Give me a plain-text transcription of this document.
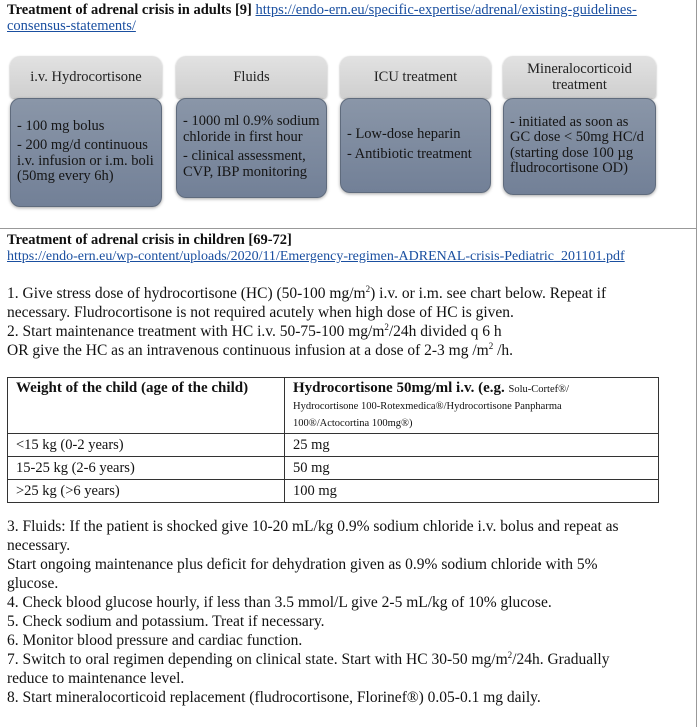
Treatment of adrenal crisis in adults [9] https://endo-ern.eu/specific-expertise/adrenal/existing-guidelines-
consensus-statements/
i.v. Hydrocortisone
- 100 mg bolus
- 200 mg/d continuous i.v. infusion or i.m. boli (50mg every 6h)
Fluids
- 1000 ml 0.9% sodium chloride in first hour
- clinical assessment, CVP, IBP monitoring
ICU treatment
- Low-dose heparin
- Antibiotic treatment
Mineralocorticoid treatment
- initiated as soon as GC dose < 50mg HC/d (starting dose 100 µg fludrocortisone OD)
Treatment of adrenal crisis in children [69-72]
https://endo-ern.eu/wp-content/uploads/2020/11/Emergency-regimen-ADRENAL-crisis-Pediatric_201101.pdf
1. Give stress dose of hydrocortisone (HC) (50-100 $mg/m^2$) i.v. or i.m. see chart below. Repeat if
necessary. Fludrocortisone is not required acutely when high dose of HC is given.
2. Start maintenance treatment with HC i.v. 50-75-100 $mg/m^2/24h$ divided q 6 h
OR give the HC as an intravenous continuous infusion at a dose of 2-3 mg $/m^2$ /h.
Weight of the child (age of the child)	Hydrocortisone 50mg/ml i.v. (e.g. Solu-Cortef®/
Hydrocortisone 100-Rotexmedica®/Hydrocortisone Panpharma
100®/Actocortina 100mg®)
<15 kg (0-2 years)	25 mg
15-25 kg (2-6 years)	50 mg
>25 kg (>6 years)	100 mg
3. Fluids: If the patient is shocked give 10-20 mL/kg 0.9% sodium chloride i.v. bolus and repeat as
necessary.
Start ongoing maintenance plus deficit for dehydration given as 0.9% sodium chloride with 5%
glucose.
4. Check blood glucose hourly, if less than 3.5 mmol/L give 2-5 mL/kg of 10% glucose.
5. Check sodium and potassium. Treat if necessary.
6. Monitor blood pressure and cardiac function.
7. Switch to oral regimen depending on clinical state. Start with HC 30-50 $mg/m^2/24h$. Gradually
reduce to maintenance level.
8. Start mineralocorticoid replacement (fludrocortisone, Florinef®) 0.05-0.1 mg daily.
